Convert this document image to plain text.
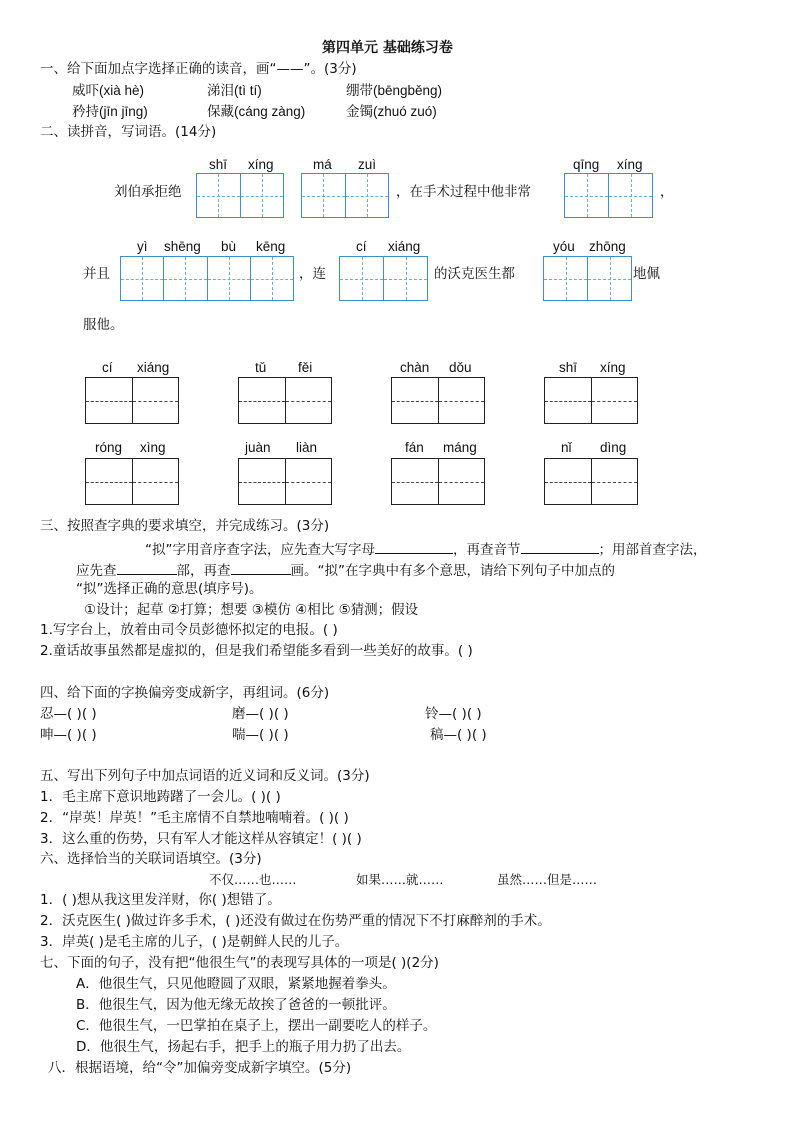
第四单元 基础练习卷
一、给下面加点字选择正确的读音，画“——”。(3分)
威吓(xià hè)	涕泪(tì tí)	绷带(bēngběng)
矜持(jīn jīng)	保藏(cáng zàng)	金镯(zhuó zuó)
二、读拼音，写词语。(14分)
shī xíng	má zuì	qīng xíng
刘伯承拒绝	，在手术过程中他非常	，
yì shēng bù kēng	cí xiáng	yóu zhōng
并且	，连	的沃克医生都	地佩
服他。
cí xiáng	tǔ fěi	chàn dǒu	shī xíng
róng xìng	juàn liàn	fán máng	nǐ dìng
三、按照查字典的要求填空，并完成练习。(3分)
“拟”字用音序查字法，应先查大写字母	，再查音节	；用部首查字法，
应先查	部，再查	画。“拟”在字典中有多个意思，请给下列句子中加点的
“拟”选择正确的意思(填序号)。
①设计；起草 ②打算；想要 ③模仿 ④相比 ⑤猜测；假设
1.写字台上，放着由司令员彭德怀拟定的电报。( )
2.童话故事虽然都是虚拟的，但是我们希望能多看到一些美好的故事。( )
四、给下面的字换偏旁变成新字，再组词。(6分)
忍—( )( )	磨—( )( )	铃—( )( )
呻—( )( )	喘—( )( )	稿—( )( )
五、写出下列句子中加点词语的近义词和反义词。(3分)
1．毛主席下意识地踌躇了一会儿。( )( )
2．“岸英！岸英！”毛主席情不自禁地喃喃着。( )( )
3．这么重的伤势，只有军人才能这样从容镇定！( )( )
六、选择恰当的关联词语填空。(3分)
不仅……也……	如果……就……	虽然……但是……
1．( )想从我这里发洋财，你( )想错了。
2．沃克医生( )做过许多手术，( )还没有做过在伤势严重的情况下不打麻醉剂的手术。
3．岸英( )是毛主席的儿子，( )是朝鲜人民的儿子。
七、下面的句子，没有把“他很生气”的表现写具体的一项是( )(2分)
A．他很生气，只见他瞪圆了双眼，紧紧地握着拳头。
B．他很生气，因为他无缘无故挨了爸爸的一顿批评。
C．他很生气，一巴掌拍在桌子上，摆出一副要吃人的样子。
D．他很生气，扬起右手，把手上的瓶子用力扔了出去。
八．根据语境，给“令”加偏旁变成新字填空。(5分)
